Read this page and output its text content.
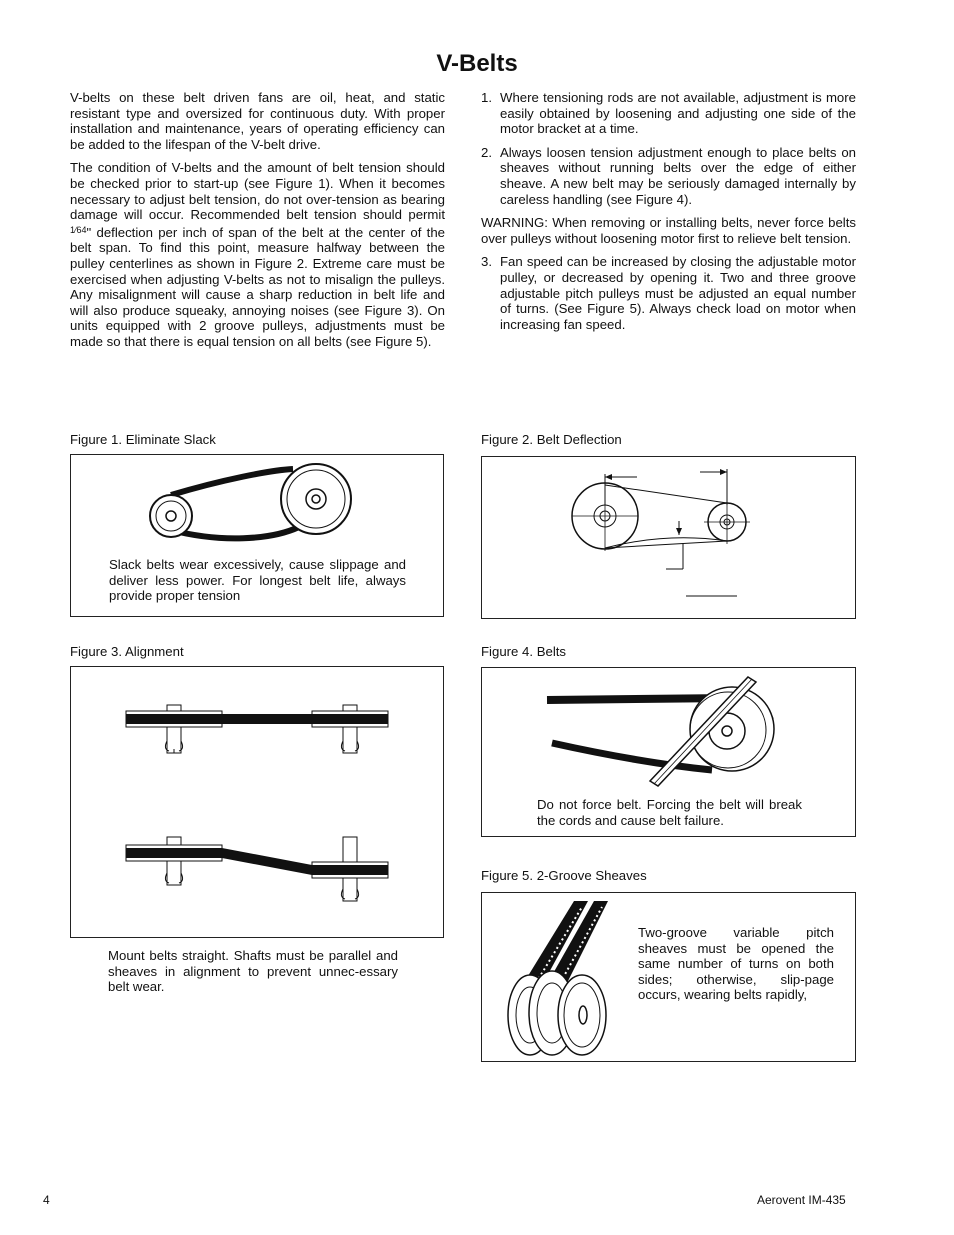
V-Belts

V-belts on these belt driven fans are oil, heat, and static resistant type and oversized for continuous duty. With proper installation and maintenance, years of operating efficiency can be added to the lifespan of the V-belt drive.

The condition of V-belts and the amount of belt tension should be checked prior to start-up (see Figure 1). When it becomes necessary to adjust belt tension, do not over-tension as bearing damage will occur. Recommended belt tension should permit $^{1⁄64}$" deflection per inch of span of the belt at the center of the belt span. To find this point, measure halfway between the pulley centerlines as shown in Figure 2. Extreme care must be exercised when adjusting V-belts as not to misalign the pulleys. Any misalignment will cause a sharp reduction in belt life and will also produce squeaky, annoying noises (see Figure 3). On units equipped with 2 groove pulleys, adjustments must be made so that there is equal tension on all belts (see Figure 5).

1. Where tensioning rods are not available, adjustment is more easily obtained by loosening and adjusting one side of the motor bracket at a time.
2. Always loosen tension adjustment enough to place belts on sheaves without running belts over the edge of either sheave. A new belt may be seriously damaged internally by careless handling (see Figure 4).

WARNING: When removing or installing belts, never force belts over pulleys without loosening motor first to relieve belt tension.

3. Fan speed can be increased by closing the adjustable motor pulley, or decreased by opening it. Two and three groove adjustable pitch pulleys must be adjusted an equal number of turns. (See Figure 5). Always check load on motor when increasing fan speed.
Figure 1. Eliminate Slack
Slack belts wear excessively, cause slippage and deliver less power. For longest belt life, always provide proper tension
Figure 2. Belt Deflection
Figure 3. Alignment
Mount belts straight. Shafts must be parallel and sheaves in alignment to prevent unnec-essary belt wear.
Figure 4. Belts
Do not force belt. Forcing the belt will break the cords and cause belt failure.
Figure 5. 2-Groove Sheaves
Two-groove variable pitch sheaves must be opened the same number of turns on both sides; otherwise, slip-page occurs, wearing belts rapidly,
4	Aerovent IM-435
